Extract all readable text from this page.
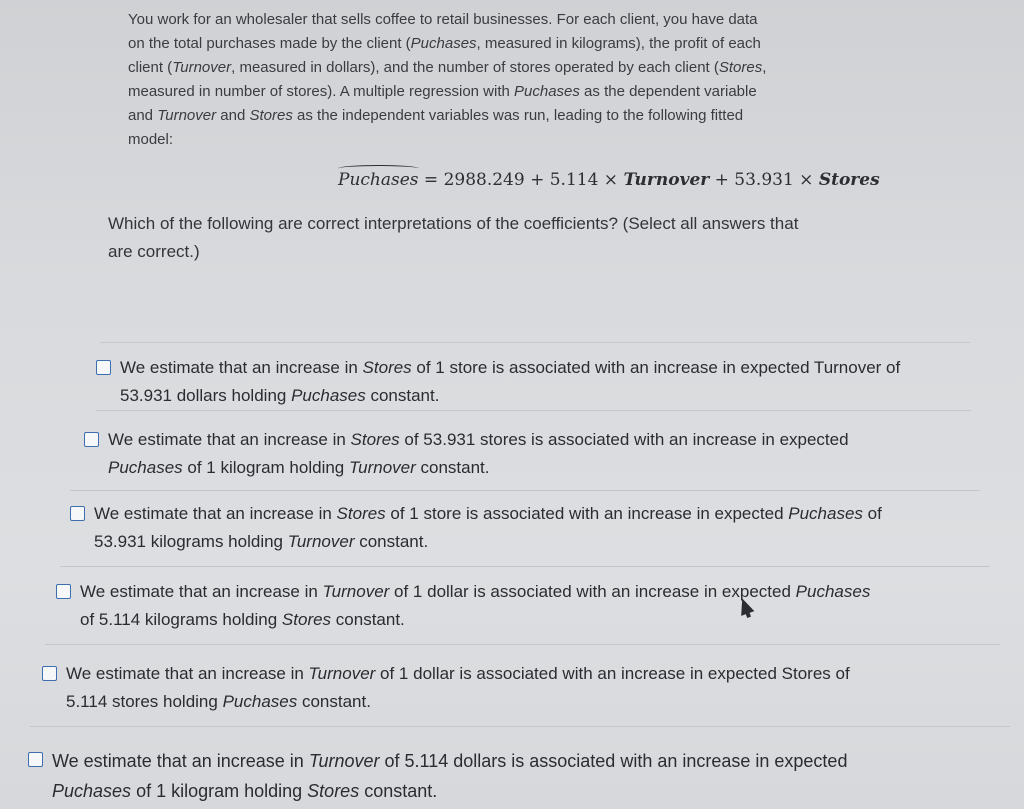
You work for an wholesaler that sells coffee to retail businesses. For each client, you have data
on the total purchases made by the client (Puchases, measured in kilograms), the profit of each
client (Turnover, measured in dollars), and the number of stores operated by each client (Stores,
measured in number of stores). A multiple regression with Puchases as the dependent variable
and Turnover and Stores as the independent variables was run, leading to the following fitted
model:
Puchases = 2988.249 + 5.114 × Turnover + 53.931 × Stores
Which of the following are correct interpretations of the coefficients? (Select all answers that
are correct.)
We estimate that an increase in Stores of 1 store is associated with an increase in expected Turnover of
53.931 dollars holding Puchases constant.
We estimate that an increase in Stores of 53.931 stores is associated with an increase in expected
Puchases of 1 kilogram holding Turnover constant.
We estimate that an increase in Stores of 1 store is associated with an increase in expected Puchases of
53.931 kilograms holding Turnover constant.
We estimate that an increase in Turnover of 1 dollar is associated with an increase in expected Puchases
of 5.114 kilograms holding Stores constant.
We estimate that an increase in Turnover of 1 dollar is associated with an increase in expected Stores of
5.114 stores holding Puchases constant.
We estimate that an increase in Turnover of 5.114 dollars is associated with an increase in expected
Puchases of 1 kilogram holding Stores constant.
